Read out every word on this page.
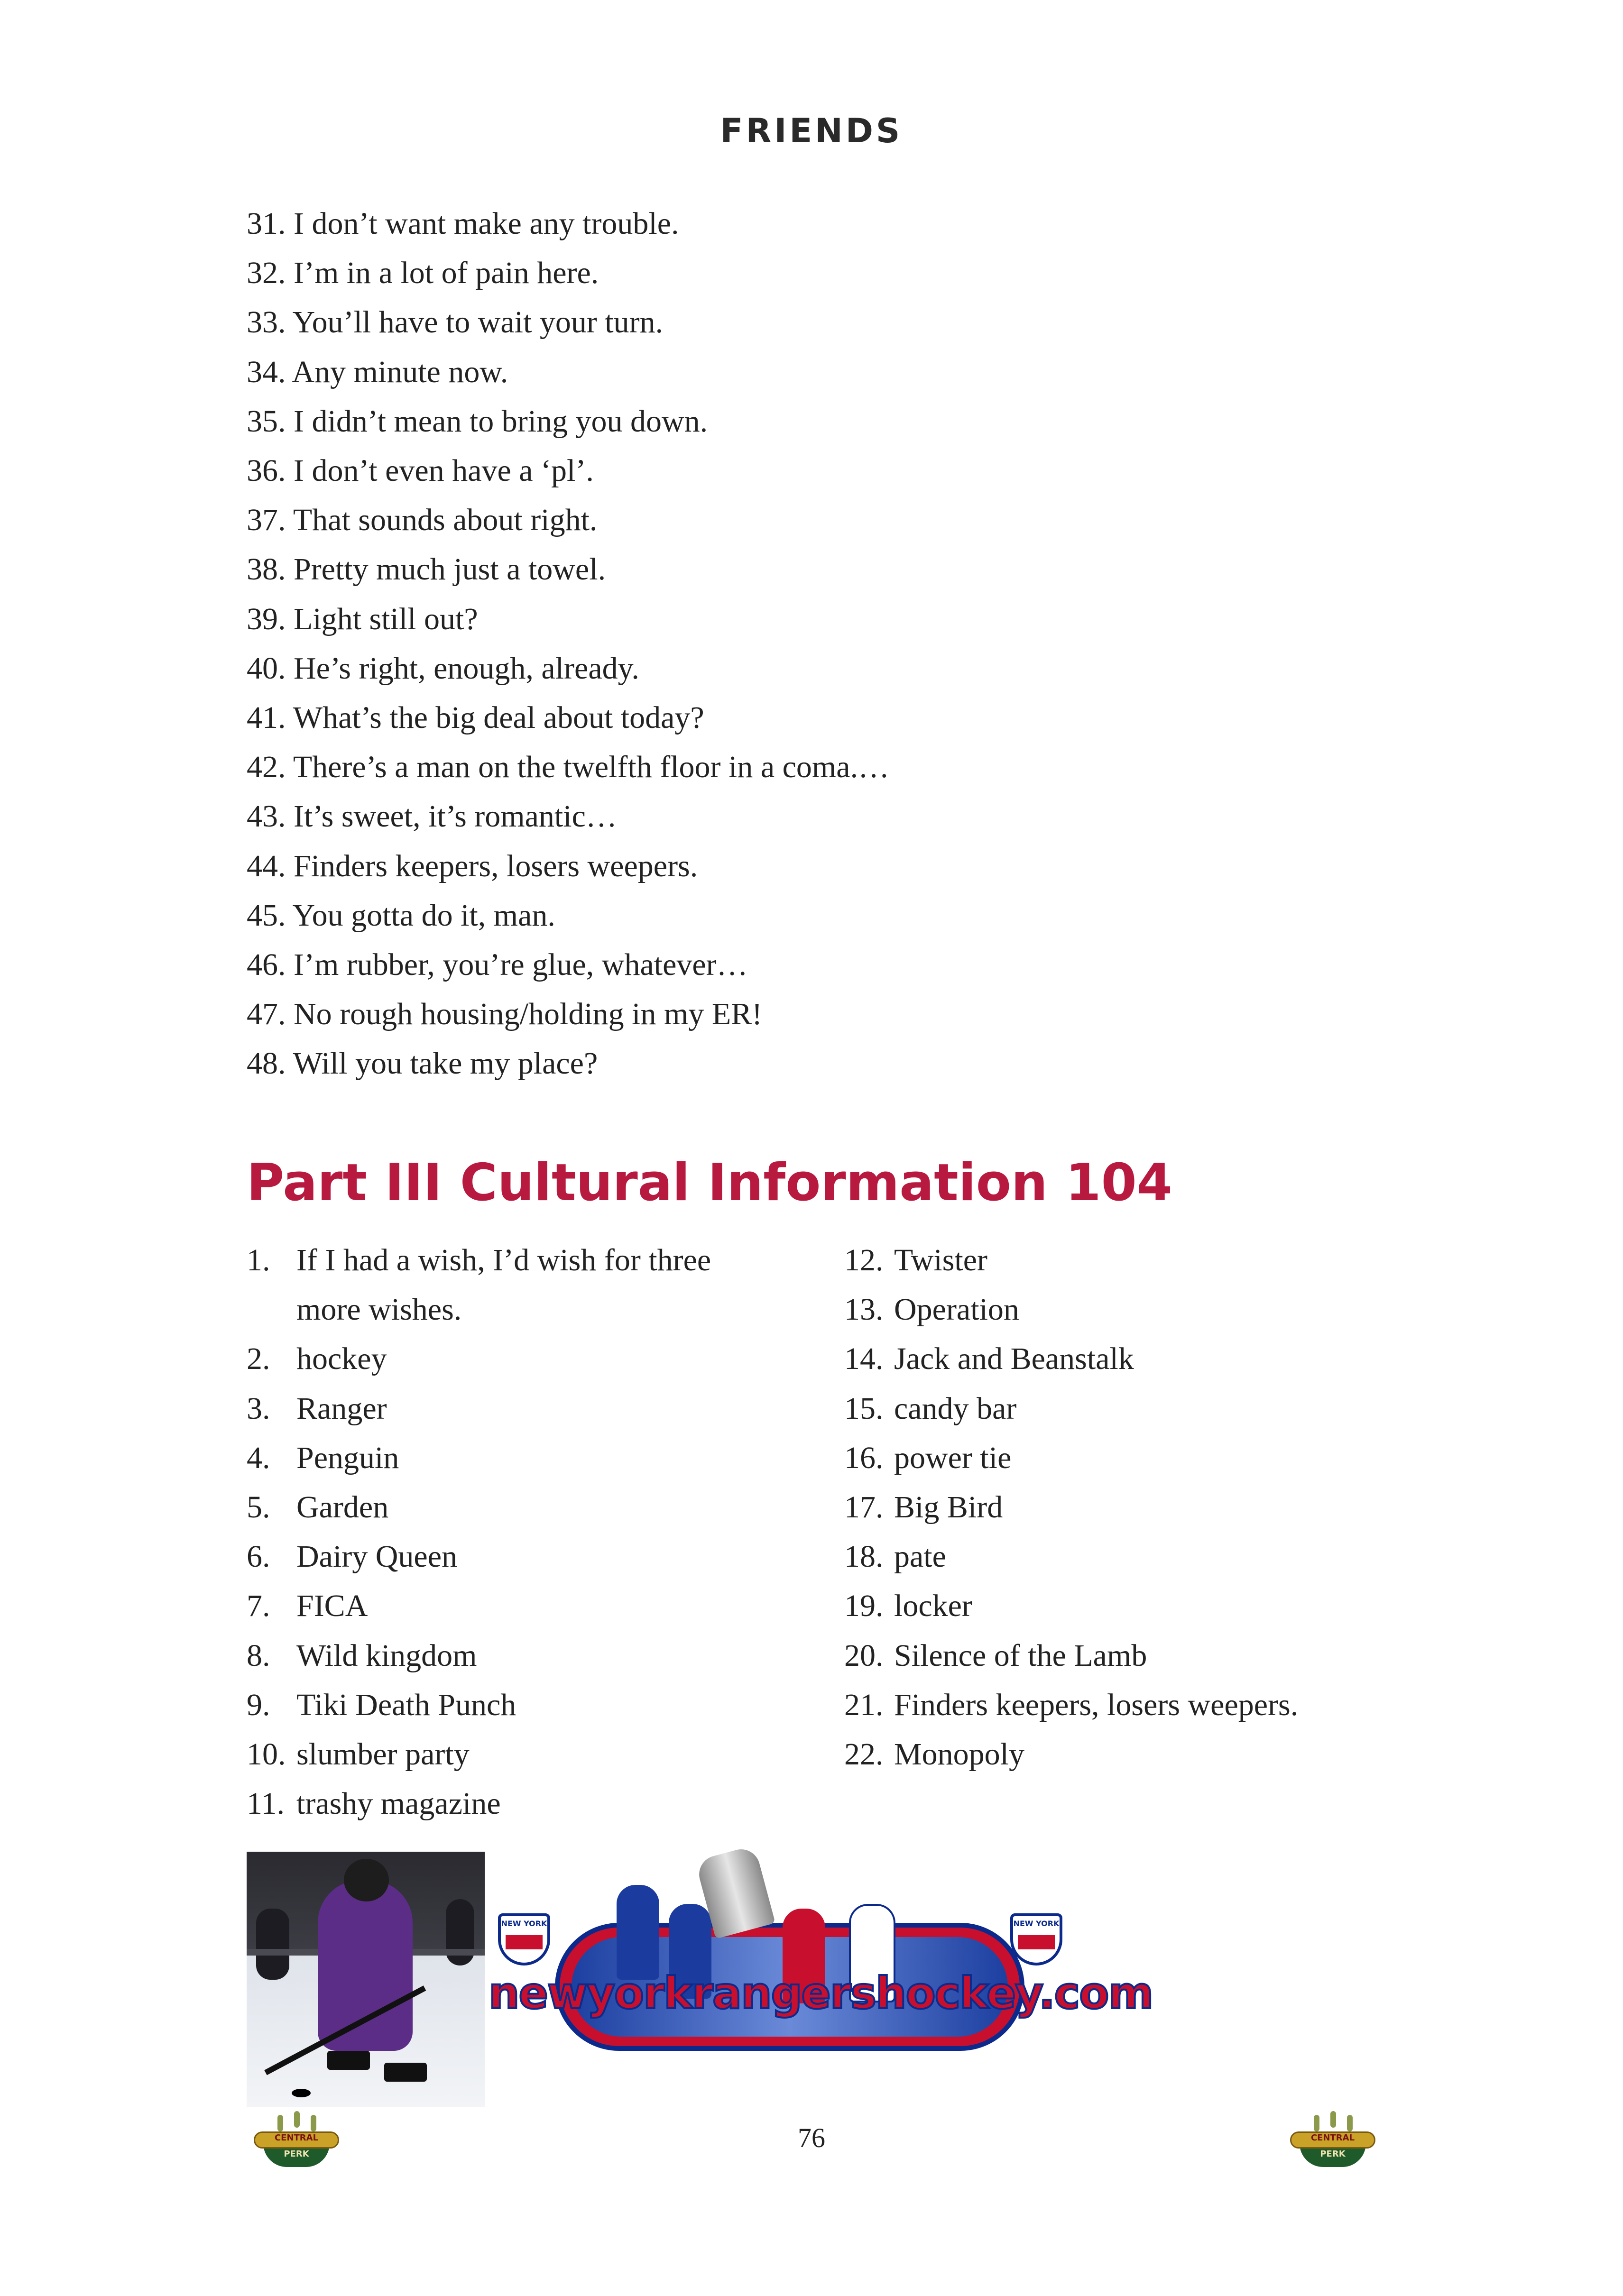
FRIENDS
31. I don’t want make any trouble.
32. I’m in a lot of pain here.
33. You’ll have to wait your turn.
34. Any minute now.
35. I didn’t mean to bring you down.
36. I don’t even have a ‘pl’.
37. That sounds about right.
38. Pretty much just a towel.
39. Light still out?
40. He’s right, enough, already.
41. What’s the big deal about today?
42. There’s a man on the twelfth floor in a coma.…
43. It’s sweet, it’s romantic…
44. Finders keepers, losers weepers.
45. You gotta do it, man.
46. I’m rubber, you’re glue, whatever…
47. No rough housing/holding in my ER!
48. Will you take my place?
Part III Cultural Information 104
1. If I had a wish, I’d wish for three
more wishes.
2. hockey
3. Ranger
4. Penguin
5. Garden
6. Dairy Queen
7. FICA
8. Wild kingdom
9. Tiki Death Punch
10. slumber party
11. trashy magazine
12. Twister
13. Operation
14. Jack and Beanstalk
15. candy bar
16. power tie
17. Big Bird
18. pate
19. locker
20. Silence of the Lamb
21. Finders keepers, losers weepers.
22. Monopoly
NEW YORK	NEW YORK
newyorkrangershockey.com
CENTRAL
PERK
76	CENTRAL
PERK
